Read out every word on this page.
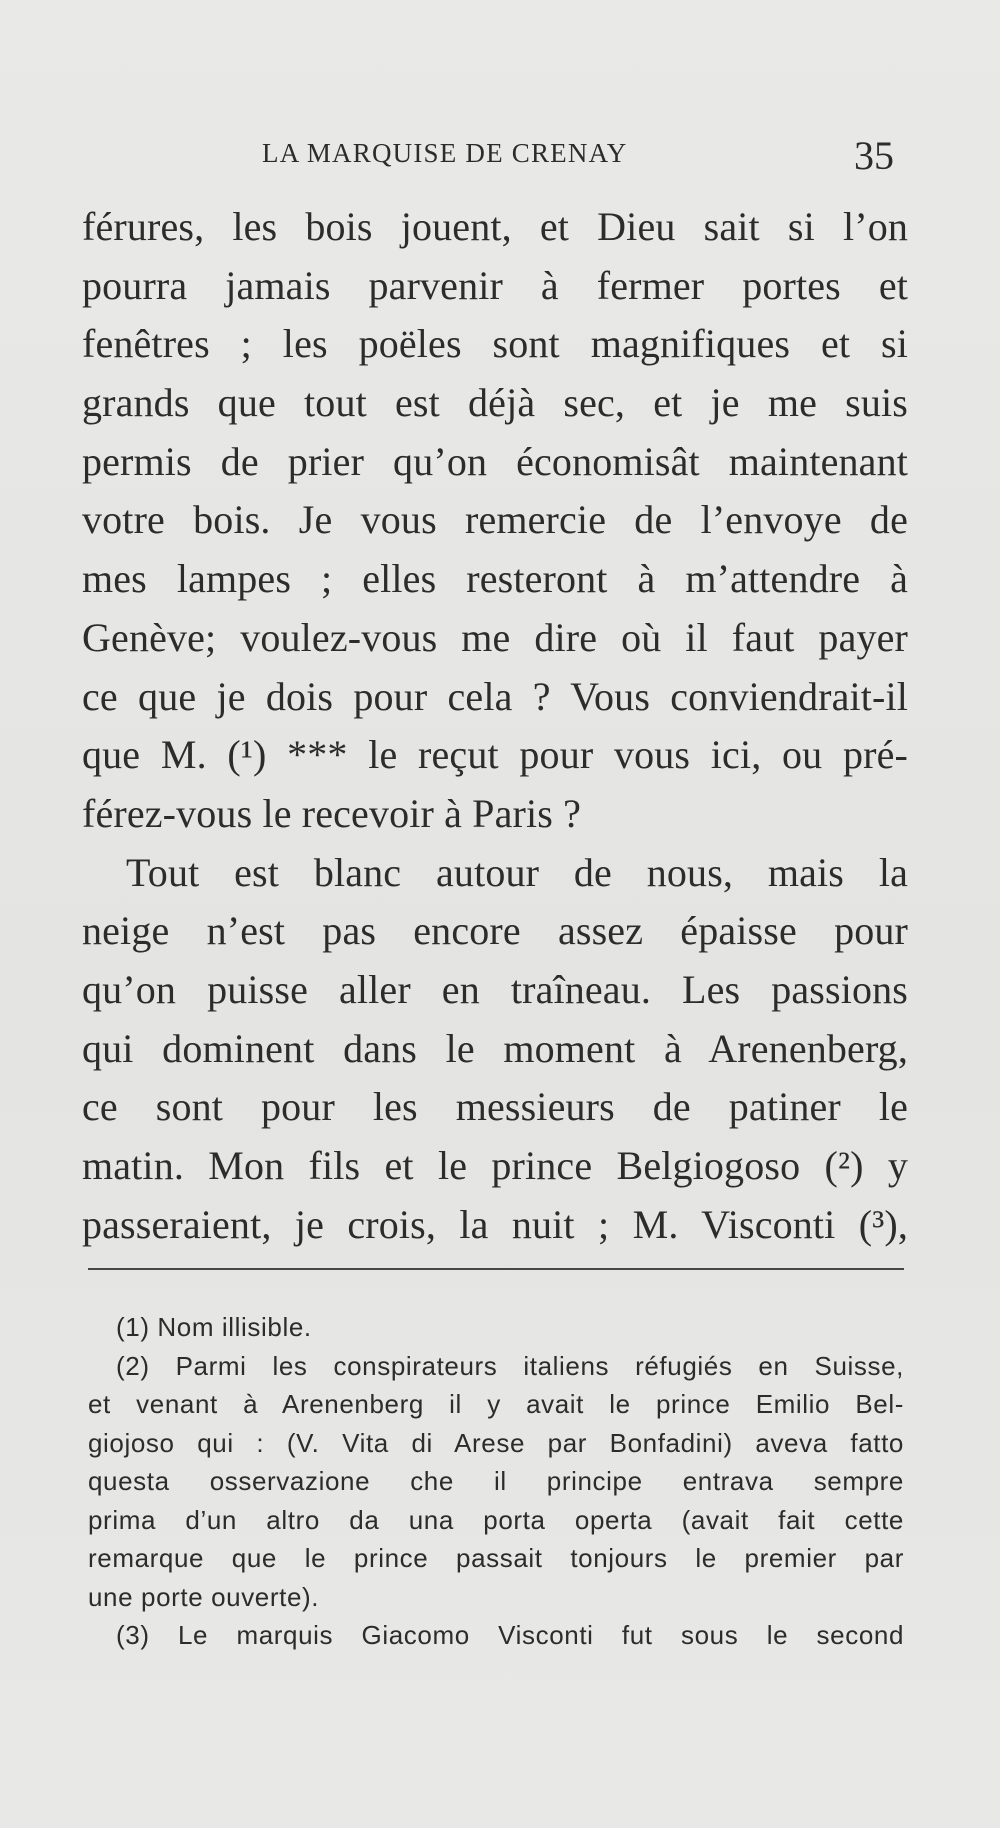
LA MARQUISE DE CRENAY	35
férures, les bois jouent, et Dieu sait si l’on
pourra jamais parvenir à fermer portes et
fenêtres ; les poëles sont magnifiques et si
grands que tout est déjà sec, et je me suis
permis de prier qu’on économisât maintenant
votre bois. Je vous remercie de l’envoye de
mes lampes ; elles resteront à m’attendre à
Genève; voulez-vous me dire où il faut payer
ce que je dois pour cela ? Vous conviendrait-il
que M. (¹) *** le reçut pour vous ici, ou pré-
férez-vous le recevoir à Paris ?
Tout est blanc autour de nous, mais la
neige n’est pas encore assez épaisse pour
qu’on puisse aller en traîneau. Les passions
qui dominent dans le moment à Arenenberg,
ce sont pour les messieurs de patiner le
matin. Mon fils et le prince Belgiogoso (²) y
passeraient, je crois, la nuit ; M. Visconti (³),
(1) Nom illisible.
(2) Parmi les conspirateurs italiens réfugiés en Suisse,
et venant à Arenenberg il y avait le prince Emilio Bel-
giojoso qui : (V. Vita di Arese par Bonfadini) aveva fatto
questa osservazione che il principe entrava sempre
prima d’un altro da una porta operta (avait fait cette
remarque que le prince passait tonjours le premier par
une porte ouverte).
(3) Le marquis Giacomo Visconti fut sous le second
